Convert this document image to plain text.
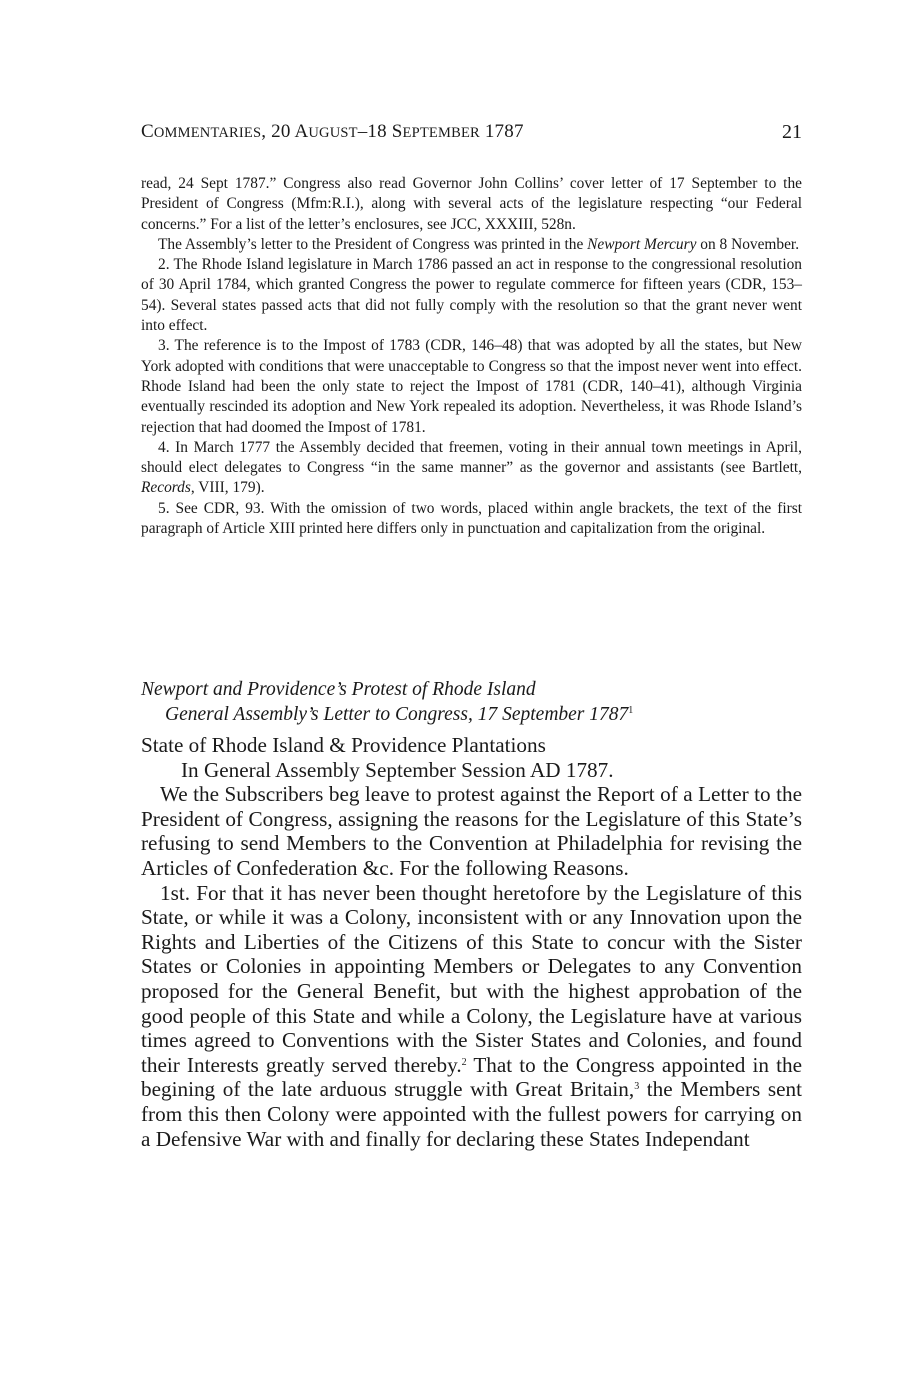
COMMENTARIES, 20 AUGUST–18 SEPTEMBER 1787	21

read, 24 Sept 1787.” Congress also read Governor John Collins’ cover letter of 17 September to the President of Congress (Mfm:R.I.), along with several acts of the legislature respecting “our Federal concerns.” For a list of the letter’s enclosures, see JCC, XXXIII, 528n.

The Assembly’s letter to the President of Congress was printed in the Newport Mercury on 8 November.

2. The Rhode Island legislature in March 1786 passed an act in response to the congressional resolution of 30 April 1784, which granted Congress the power to regulate commerce for fifteen years (CDR, 153–54). Several states passed acts that did not fully comply with the resolution so that the grant never went into effect.

3. The reference is to the Impost of 1783 (CDR, 146–48) that was adopted by all the states, but New York adopted with conditions that were unacceptable to Congress so that the impost never went into effect. Rhode Island had been the only state to reject the Impost of 1781 (CDR, 140–41), although Virginia eventually rescinded its adoption and New York repealed its adoption. Nevertheless, it was Rhode Island’s rejection that had doomed the Impost of 1781.

4. In March 1777 the Assembly decided that freemen, voting in their annual town meetings in April, should elect delegates to Congress “in the same manner” as the governor and assistants (see Bartlett, Records, VIII, 179).

5. See CDR, 93. With the omission of two words, placed within angle brackets, the text of the first paragraph of Article XIII printed here differs only in punctuation and capitalization from the original.

Newport and Providence’s Protest of Rhode Island
General Assembly’s Letter to Congress, 17 September 1787$^1$

State of Rhode Island & Providence Plantations

In General Assembly September Session AD 1787.

We the Subscribers beg leave to protest against the Report of a Letter to the President of Congress, assigning the reasons for the Legislature of this State’s refusing to send Members to the Convention at Philadelphia for revising the Articles of Confederation &c. For the following Reasons.

1st. For that it has never been thought heretofore by the Legislature of this State, or while it was a Colony, inconsistent with or any Innovation upon the Rights and Liberties of the Citizens of this State to concur with the Sister States or Colonies in appointing Members or Delegates to any Convention proposed for the General Benefit, but with the highest approbation of the good people of this State and while a Colony, the Legislature have at various times agreed to Conventions with the Sister States and Colonies, and found their Interests greatly served thereby.$^2$ That to the Congress appointed in the begining of the late arduous struggle with Great Britain,$^3$ the Members sent from this then Colony were appointed with the fullest powers for carrying on a Defensive War with and finally for declaring these States Independant
